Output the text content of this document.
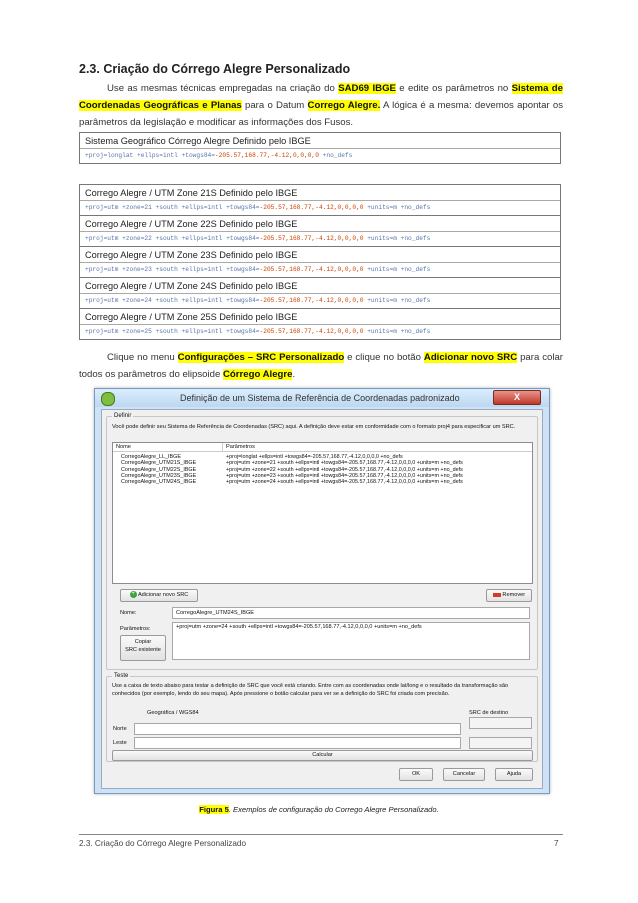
2.3. Criação do Córrego Alegre Personalizado
Use as mesmas técnicas empregadas na criação do SAD69 IBGE e edite os parâmetros no Sistema de Coordenadas Geográficas e Planas para o Datum Corrego Alegre. A lógica é a mesma: devemos apontar os parâmetros da legislação e modificar as informações dos Fusos.
Sistema Geográfico Córrego Alegre Definido pelo IBGE
+proj=longlat +ellps=intl +towgs84=-205.57,168.77,-4.12,0,0,0,0 +no_defs
Corrego Alegre / UTM Zone 21S Definido pelo IBGE
+proj=utm +zone=21 +south +ellps=intl +towgs84=-205.57,168.77,-4.12,0,0,0,0 +units=m +no_defs
Corrego Alegre / UTM Zone 22S Definido pelo IBGE
+proj=utm +zone=22 +south +ellps=intl +towgs84=-205.57,168.77,-4.12,0,0,0,0 +units=m +no_defs
Corrego Alegre / UTM Zone 23S Definido pelo IBGE
+proj=utm +zone=23 +south +ellps=intl +towgs84=-205.57,168.77,-4.12,0,0,0,0 +units=m +no_defs
Corrego Alegre / UTM Zone 24S Definido pelo IBGE
+proj=utm +zone=24 +south +ellps=intl +towgs84=-205.57,168.77,-4.12,0,0,0,0 +units=m +no_defs
Corrego Alegre / UTM Zone 25S Definido pelo IBGE
+proj=utm +zone=25 +south +ellps=intl +towgs84=-205.57,168.77,-4.12,0,0,0,0 +units=m +no_defs
Clique no menu Configurações – SRC Personalizado e clique no botão Adicionar novo SRC para colar todos os parâmetros do elipsoide Córrego Alegre.
Definição de um Sistema de Referência de Coordenadas padronizado	X
Definir
Você pode definir seu Sistema de Referência de Coordenadas (SRC) aqui. A definição deve estar em conformidade com o formato proj4 para especificar um SRC.
Nome	Parâmetros
CorregoAlegre_LL_IBGE	+proj=longlat +ellps=intl +towgs84=-205.57,168.77,-4.12,0,0,0,0 +no_defs
CorregoAlegre_UTM21S_IBGE	+proj=utm +zone=21 +south +ellps=intl +towgs84=-205.57,168.77,-4.12,0,0,0,0 +units=m +no_defs
CorregoAlegre_UTM22S_IBGE	+proj=utm +zone=22 +south +ellps=intl +towgs84=-205.57,168.77,-4.12,0,0,0,0 +units=m +no_defs
CorregoAlegre_UTM23S_IBGE	+proj=utm +zone=23 +south +ellps=intl +towgs84=-205.57,168.77,-4.12,0,0,0,0 +units=m +no_defs
CorregoAlegre_UTM24S_IBGE	+proj=utm +zone=24 +south +ellps=intl +towgs84=-205.57,168.77,-4.12,0,0,0,0 +units=m +no_defs
+ Adicionar novo SRC	Remover
Nome:	CorregoAlegre_UTM24S_IBGE
Parâmetros:	+proj=utm +zone=24 +south +ellps=intl +towgs84=-205.57,168.77,-4.12,0,0,0,0 +units=m +no_defs
Copiar
SRC existente
Teste
Use a caixa de texto abaixo para testar a definição de SRC que você está criando. Entre com as coordenadas onde lat/long e o resultado da transformação são conhecidos (por exemplo, lendo do seu mapa). Após pressione o botão calcular para ver se a definição do SRC foi criada com precisão.
Geográfica / WGS84	SRC de destino
Norte
Leste
Calcular
OK	Cancelar	Ajuda
Figura 5. Exemplos de configuração do Corrego Alegre Personalizado.
2.3. Criação do Córrego Alegre Personalizado	7
